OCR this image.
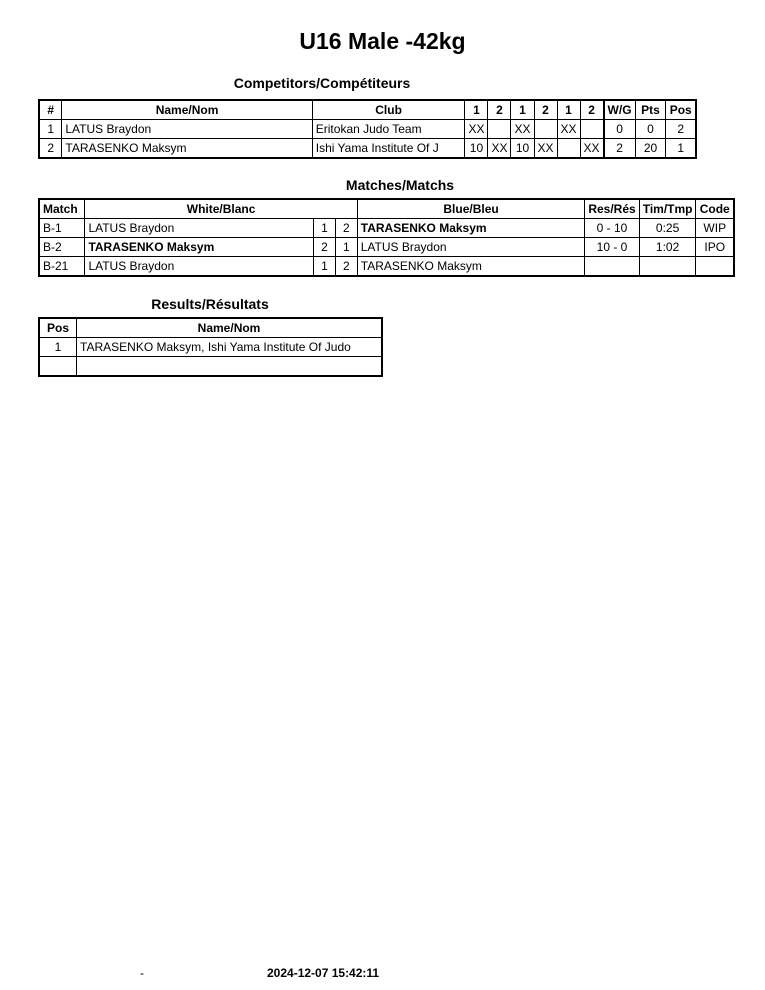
U16 Male -42kg
Competitors/Compétiteurs
#	Name/Nom	Club	1	2	1	2	1	2	W/G	Pts	Pos
1	LATUS Braydon	Eritokan Judo Team	XX		XX		XX		0	0	2
2	TARASENKO Maksym	Ishi Yama Institute Of J	10	XX	10	XX		XX	2	20	1
Matches/Matchs
Match	White/Blanc			Blue/Bleu	Res/Rés	Tim/Tmp	Code
B-1	LATUS Braydon	1	2	TARASENKO Maksym	0 - 10	0:25	WIP
B-2	TARASENKO Maksym	2	1	LATUS Braydon	10 - 0	1:02	IPO
B-21	LATUS Braydon	1	2	TARASENKO Maksym			
Results/Résultats
Pos	Name/Nom
1	TARASENKO Maksym, Ishi Yama Institute Of Judo

-	2024-12-07 15:42:11
